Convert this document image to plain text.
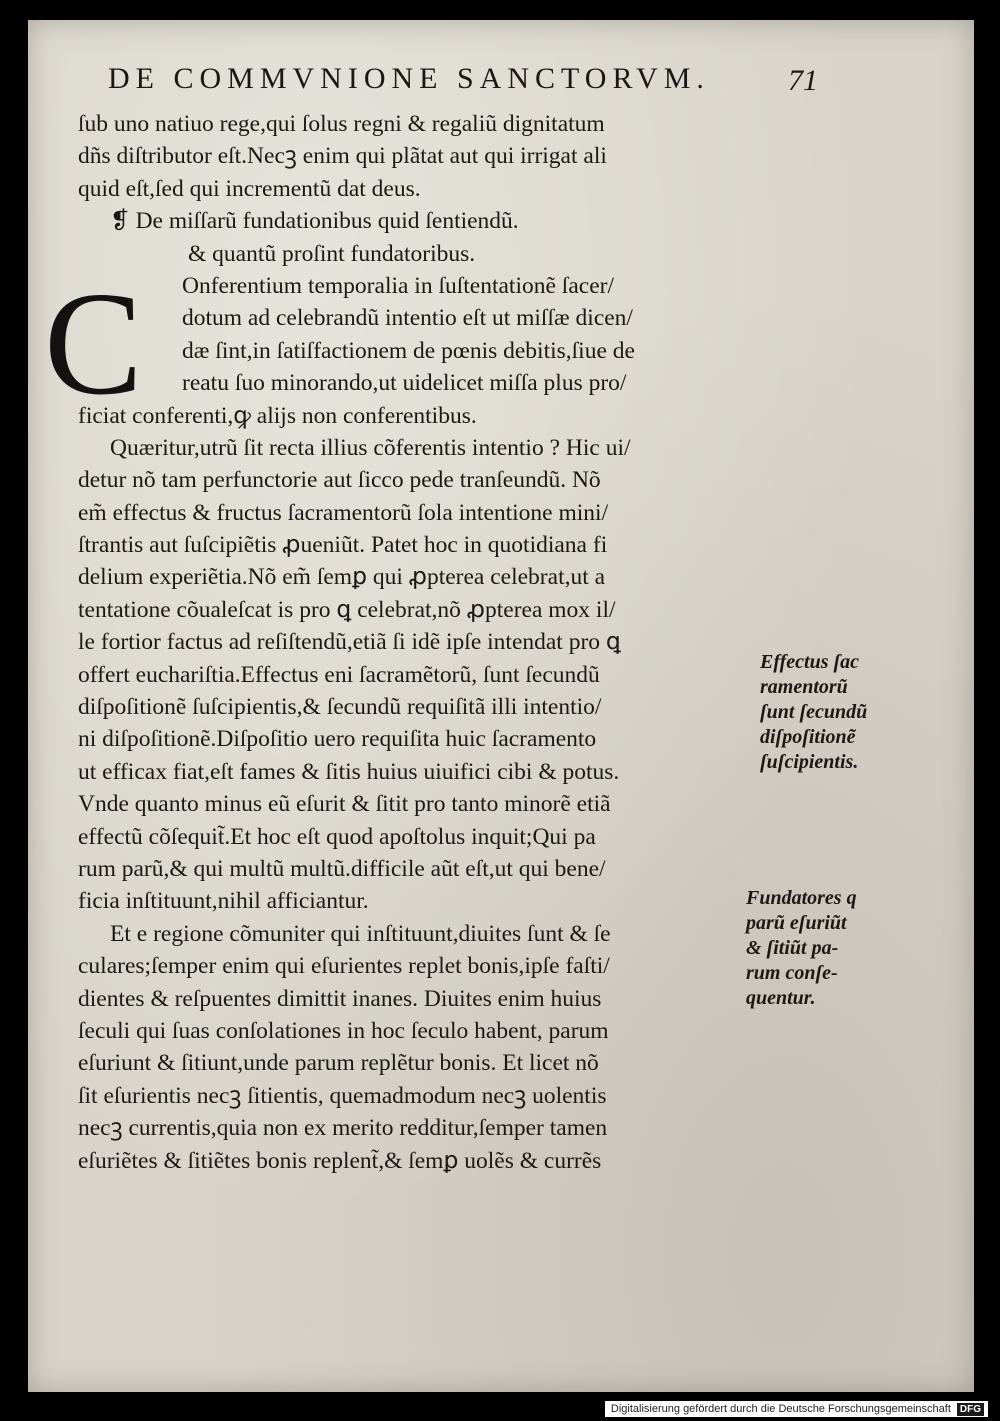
DE COMMVNIONE SANCTORVM.	71
C
ſub uno natiuo rege,qui ſolus regni & regaliũ dignitatum
dñs diſtributor eſt.Necꝫ enim qui plãtat aut qui irrigat ali
quid eſt,ſed qui incrementũ dat deus.
❡ De miſſarũ fundationibus quid ſentiendũ.
& quantũ proſint fundatoribus.
Onferentium temporalia in ſuſtentationẽ ſacer/
dotum ad celebrandũ intentio eſt ut miſſæ dicen/
dæ ſint,in ſatiſfactionem de pœnis debitis,ſiue de
reatu ſuo minorando,ut uidelicet miſſa plus pro/
ficiat conferenti,ꝙ alijs non conferentibus.
Quæritur,utrũ ſit recta illius cõferentis intentio ? Hic ui/
detur nõ tam perfunctorie aut ſicco pede tranſeundũ. Nõ
em̃ effectus & fructus ſacramentorũ ſola intentione mini/
ſtrantis aut ſuſcipiẽtis ꝓueniũt. Patet hoc in quotidiana fi
delium experiẽtia.Nõ em̃ ſemꝑ qui ꝓpterea celebrat,ut a
tentatione cõualeſcat is pro ꝗ celebrat,nõ ꝓpterea mox il/
le fortior factus ad reſiſtendũ,etiã ſi idẽ ipſe intendat pro ꝗ
offert euchariſtia.Effectus eni ſacramẽtorũ, ſunt ſecundũ
diſpoſitionẽ ſuſcipientis,& ſecundũ requiſitã illi intentio/
ni diſpoſitionẽ.Diſpoſitio uero requiſita huic ſacramento
ut efficax fiat,eſt fames & ſitis huius uiuifici cibi & potus.
Vnde quanto minus eũ eſurit & ſitit pro tanto minorẽ etiã
effectũ cõſequit̃.Et hoc eſt quod apoſtolus inquit;Qui pa
rum parũ,& qui multũ multũ.difficile aũt eſt,ut qui bene/
ficia inſtituunt,nihil afficiantur.
Et e regione cõmuniter qui inſtituunt,diuites ſunt & ſe
culares;ſemper enim qui eſurientes replet bonis,ipſe faſti/
dientes & reſpuentes dimittit inanes. Diuites enim huius
ſeculi qui ſuas conſolationes in hoc ſeculo habent, parum
eſuriunt & ſitiunt,unde parum replẽtur bonis. Et licet nõ
ſit eſurientis necꝫ ſitientis, quemadmodum necꝫ uolentis
necꝫ currentis,quia non ex merito redditur,ſemper tamen
eſuriẽtes & ſitiẽtes bonis replent̃,& ſemꝑ uolẽs & currẽs
Effectus ſac
ramentorũ
ſunt ſecundũ
diſpoſitionẽ
ſuſcipientis.
Fundatores q
parũ eſuriũt
& ſitiũt pa-
rum conſe-
quentur.
Digitalisierung gefördert durch die Deutsche Forschungsgemeinschaft DFG
